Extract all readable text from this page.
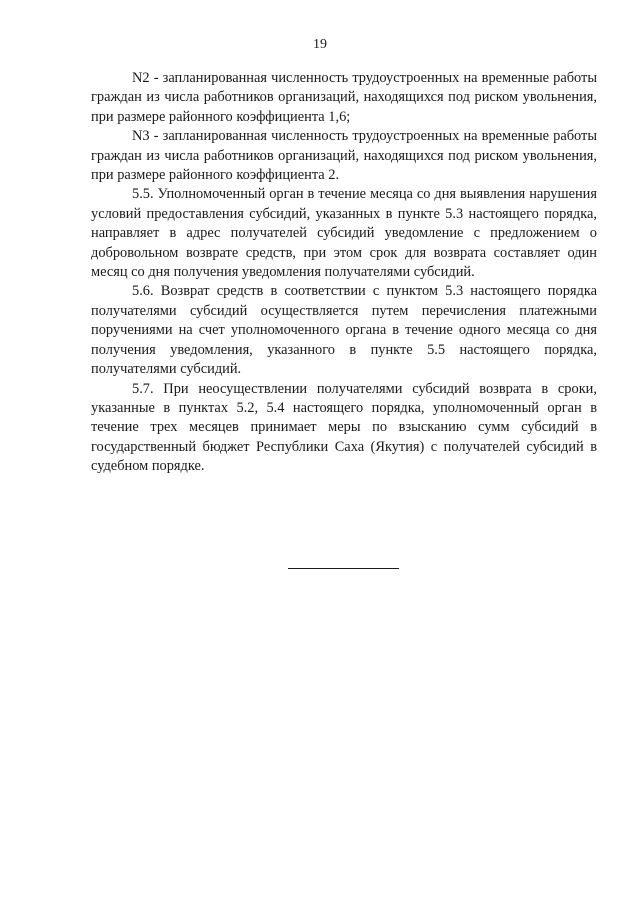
19

N2 - запланированная численность трудоустроенных на временные работы граждан из числа работников организаций, находящихся под риском увольнения, при размере районного коэффициента 1,6;

N3 - запланированная численность трудоустроенных на временные работы граждан из числа работников организаций, находящихся под риском увольнения, при размере районного коэффициента 2.

5.5. Уполномоченный орган в течение месяца со дня выявления нарушения условий предоставления субсидий, указанных в пункте 5.3 настоящего порядка, направляет в адрес получателей субсидий уведомление с предложением о добровольном возврате средств, при этом срок для возврата составляет один месяц со дня получения уведомления получателями субсидий.

5.6. Возврат средств в соответствии с пунктом 5.3 настоящего порядка получателями субсидий осуществляется путем перечисления платежными поручениями на счет уполномоченного органа в течение одного месяца со дня получения уведомления, указанного в пункте 5.5 настоящего порядка, получателями субсидий.

5.7. При неосуществлении получателями субсидий возврата в сроки, указанные в пунктах 5.2, 5.4 настоящего порядка, уполномоченный орган в течение трех месяцев принимает меры по взысканию сумм субсидий в государственный бюджет Республики Саха (Якутия) с получателей субсидий в судебном порядке.
